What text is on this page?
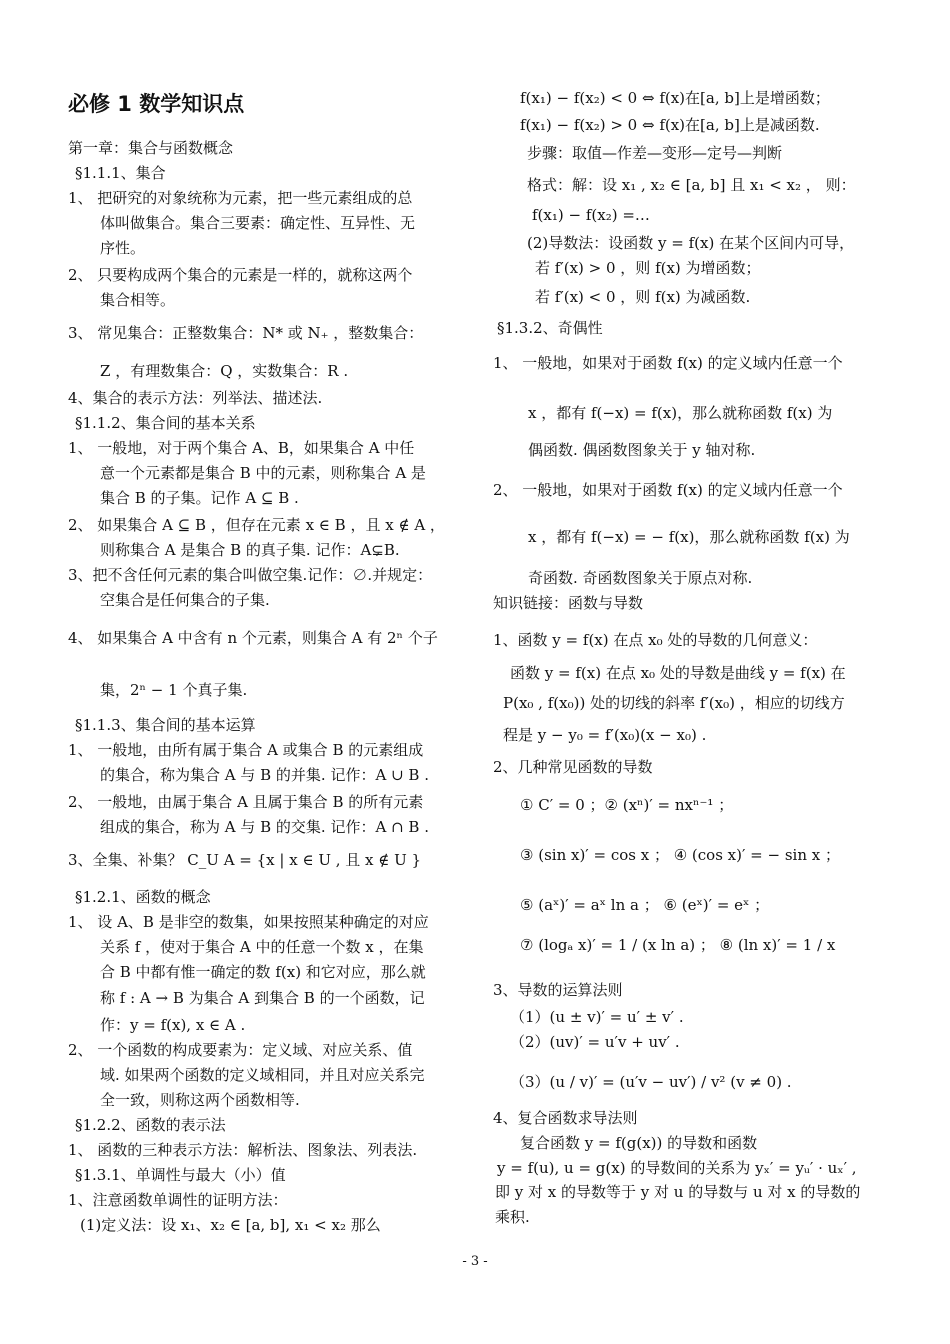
必修 1 数学知识点
第一章：集合与函数概念
§1.1.1、集合
1、 把研究的对象统称为元素，把一些元素组成的总
体叫做集合。集合三要素：确定性、互异性、无
序性。
2、 只要构成两个集合的元素是一样的，就称这两个
集合相等。
3、 常见集合：正整数集合：N* 或 N₊ ，整数集合：
Z ，有理数集合：Q ，实数集合：R .
4、集合的表示方法：列举法、描述法.
§1.1.2、集合间的基本关系
1、 一般地，对于两个集合 A、B，如果集合 A 中任
意一个元素都是集合 B 中的元素，则称集合 A 是
集合 B 的子集。记作 A ⊆ B .
2、 如果集合 A ⊆ B ，但存在元素 x ∈ B ，且 x ∉ A ，
则称集合 A 是集合 B 的真子集. 记作：A⊊B.
3、把不含任何元素的集合叫做空集.记作：∅.并规定：
空集合是任何集合的子集.
4、 如果集合 A 中含有 n 个元素，则集合 A 有 2ⁿ 个子
集，2ⁿ − 1 个真子集.
§1.1.3、集合间的基本运算
1、 一般地，由所有属于集合 A 或集合 B 的元素组成
的集合，称为集合 A 与 B 的并集. 记作：A ∪ B .
2、 一般地，由属于集合 A 且属于集合 B 的所有元素
组成的集合，称为 A 与 B 的交集. 记作：A ∩ B .
3、全集、补集？ C_U A = {x | x ∈ U , 且 x ∉ U }
§1.2.1、函数的概念
1、 设 A、B 是非空的数集，如果按照某种确定的对应
关系 f ，使对于集合 A 中的任意一个数 x ，在集
合 B 中都有惟一确定的数 f(x) 和它对应，那么就
称 f : A → B 为集合 A 到集合 B 的一个函数，记
作：y = f(x), x ∈ A .
2、 一个函数的构成要素为：定义域、对应关系、值
域. 如果两个函数的定义域相同，并且对应关系完
全一致，则称这两个函数相等.
§1.2.2、函数的表示法
1、 函数的三种表示方法：解析法、图象法、列表法.
§1.3.1、单调性与最大（小）值
1、注意函数单调性的证明方法：
(1)定义法：设 x₁、x₂ ∈ [a, b], x₁ < x₂ 那么
f(x₁) − f(x₂) < 0 ⇔ f(x)在[a, b]上是增函数；
f(x₁) − f(x₂) > 0 ⇔ f(x)在[a, b]上是减函数.
步骤：取值—作差—变形—定号—判断
格式：解：设 x₁ , x₂ ∈ [a, b] 且 x₁ < x₂ ， 则：
f(x₁) − f(x₂) =…
(2)导数法：设函数 y = f(x) 在某个区间内可导，
若 f′(x) > 0 ，则 f(x) 为增函数；
若 f′(x) < 0 ，则 f(x) 为减函数.
§1.3.2、奇偶性
1、 一般地，如果对于函数 f(x) 的定义域内任意一个
x ，都有 f(−x) = f(x)，那么就称函数 f(x) 为
偶函数. 偶函数图象关于 y 轴对称.
2、 一般地，如果对于函数 f(x) 的定义域内任意一个
x ，都有 f(−x) = − f(x)，那么就称函数 f(x) 为
奇函数. 奇函数图象关于原点对称.
知识链接：函数与导数
1、函数 y = f(x) 在点 x₀ 处的导数的几何意义：
函数 y = f(x) 在点 x₀ 处的导数是曲线 y = f(x) 在
P(x₀ , f(x₀)) 处的切线的斜率 f′(x₀) ，相应的切线方
程是 y − y₀ = f′(x₀)(x − x₀) .
2、几种常见函数的导数
① C′ = 0 ；② (xⁿ)′ = nxⁿ⁻¹ ；
③ (sin x)′ = cos x ； ④ (cos x)′ = − sin x ；
⑤ (aˣ)′ = aˣ ln a ； ⑥ (eˣ)′ = eˣ ；
⑦ (logₐ x)′ = 1 / (x ln a) ； ⑧ (ln x)′ = 1 / x
3、导数的运算法则
（1）(u ± v)′ = u′ ± v′ .
（2）(uv)′ = u′v + uv′ .
（3）(u / v)′ = (u′v − uv′) / v² (v ≠ 0) .
4、复合函数求导法则
复合函数 y = f(g(x)) 的导数和函数
y = f(u), u = g(x) 的导数间的关系为 yₓ′ = yᵤ′ · uₓ′ ,
即 y 对 x 的导数等于 y 对 u 的导数与 u 对 x 的导数的
乘积.
- 3 -
